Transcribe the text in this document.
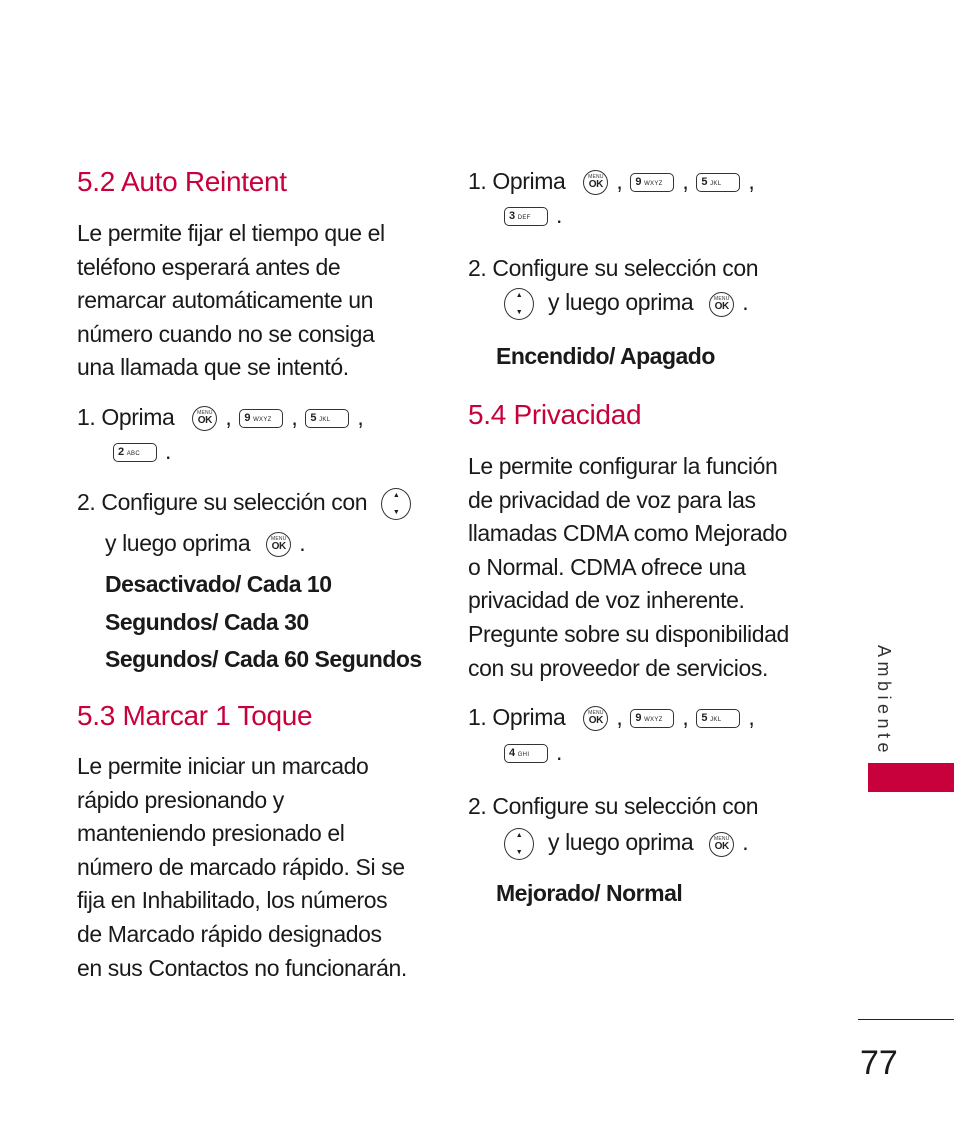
5.2 Auto Reintent
Le permite fijar el tiempo que el
teléfono esperará antes de
remarcar automáticamente un
número cuando no se consiga
una llamada que se intentó.
1. Oprima	MENU
OK , 9 WXYZ , 5 JKL ,
2 ABC .
2. Configure su selección con	▲
▼
y luego oprima	MENU
OK .
Desactivado/ Cada 10
Segundos/ Cada 30
Segundos/ Cada 60 Segundos
5.3 Marcar 1 Toque
Le permite iniciar un marcado
rápido presionando y
manteniendo presionado el
número de marcado rápido. Si se
fija en Inhabilitado, los números
de Marcado rápido designados
en sus Contactos no funcionarán.
1. Oprima	MENU
OK , 9 WXYZ , 5 JKL ,
3 DEF .
2. Configure su selección con
▲
▼	y luego oprima	MENU
OK .
Encendido/ Apagado
5.4 Privacidad
Le permite configurar la función
de privacidad de voz para las
llamadas CDMA como Mejorado
o Normal. CDMA ofrece una
privacidad de voz inherente.
Pregunte sobre su disponibilidad
con su proveedor de servicios.
1. Oprima	MENU
OK , 9 WXYZ , 5 JKL ,
4 GHI .
2. Configure su selección con
▲
▼	y luego oprima	MENU
OK .
Mejorado/ Normal
Ambiente
77
